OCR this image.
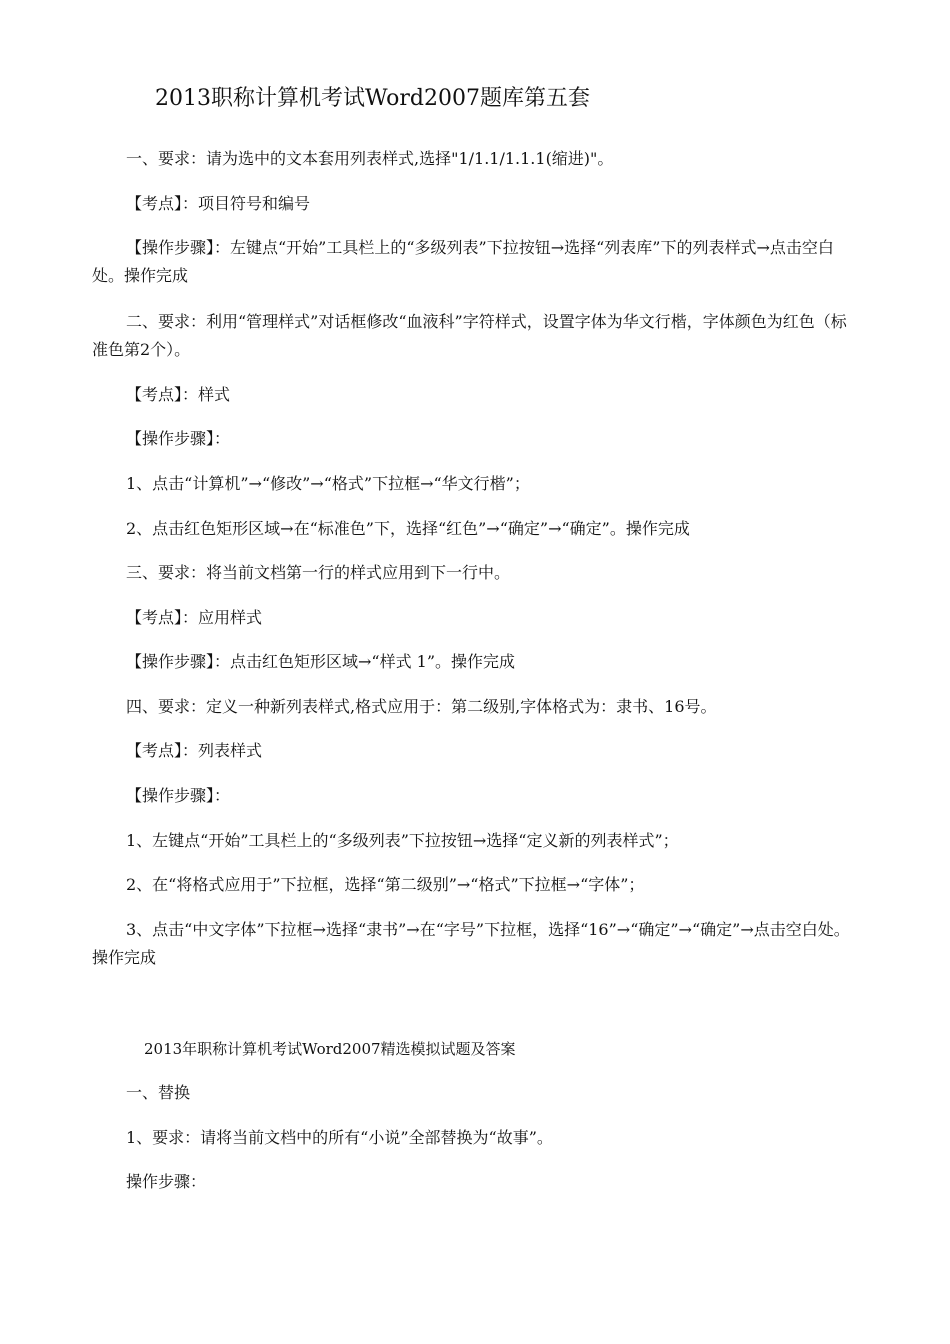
2013职称计算机考试Word2007题库第五套

一、要求：请为选中的文本套用列表样式,选择"1/1.1/1.1.1(缩进)"。

【考点】：项目符号和编号

【操作步骤】：左键点“开始”工具栏上的“多级列表”下拉按钮→选择“列表库”下的列表样式→点击空白处。操作完成

二、要求：利用“管理样式”对话框修改“血液科”字符样式，设置字体为华文行楷，字体颜色为红色（标准色第2个）。

【考点】：样式

【操作步骤】：

1、点击“计算机”→“修改”→“格式”下拉框→“华文行楷”；

2、点击红色矩形区域→在“标准色”下，选择“红色”→“确定”→“确定”。操作完成

三、要求：将当前文档第一行的样式应用到下一行中。

【考点】：应用样式

【操作步骤】：点击红色矩形区域→“样式 1”。操作完成

四、要求：定义一种新列表样式,格式应用于：第二级别,字体格式为：隶书、16号。

【考点】：列表样式

【操作步骤】：

1、左键点“开始”工具栏上的“多级列表”下拉按钮→选择“定义新的列表样式”；

2、在“将格式应用于”下拉框，选择“第二级别”→“格式”下拉框→“字体”；

3、点击“中文字体”下拉框→选择“隶书”→在“字号”下拉框，选择“16”→“确定”→“确定”→点击空白处。操作完成

2013年职称计算机考试Word2007精选模拟试题及答案

一、替换

1、要求：请将当前文档中的所有“小说”全部替换为“故事”。

操作步骤：
